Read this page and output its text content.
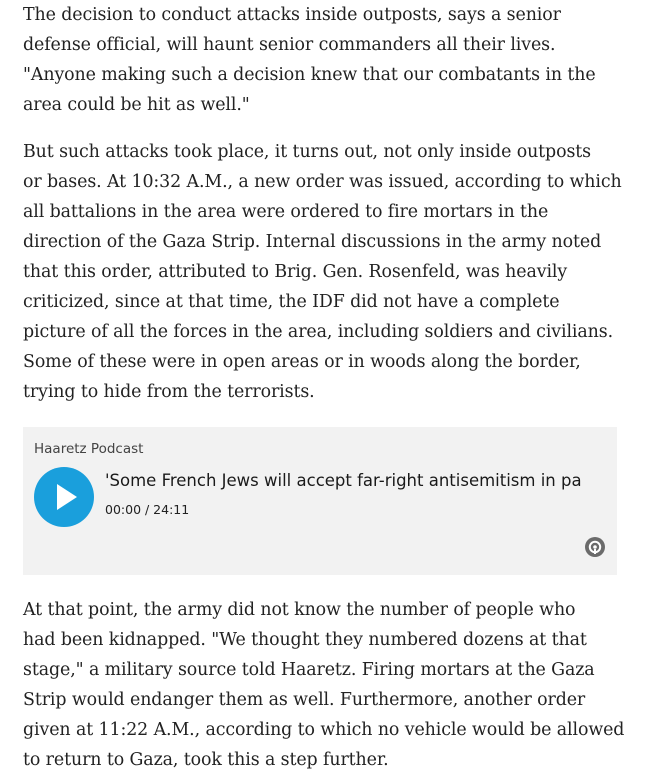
The decision to conduct attacks inside outposts, says a senior
defense official, will haunt senior commanders all their lives.
"Anyone making such a decision knew that our combatants in the
area could be hit as well."

But such attacks took place, it turns out, not only inside outposts
or bases. At 10:32 A.M., a new order was issued, according to which
all battalions in the area were ordered to fire mortars in the
direction of the Gaza Strip. Internal discussions in the army noted
that this order, attributed to Brig. Gen. Rosenfeld, was heavily
criticized, since at that time, the IDF did not have a complete
picture of all the forces in the area, including soldiers and civilians.
Some of these were in open areas or in woods along the border,
trying to hide from the terrorists.

Haaretz Podcast
'Some French Jews will accept far-right antisemitism in pa
00:00 / 24:11

At that point, the army did not know the number of people who
had been kidnapped. "We thought they numbered dozens at that
stage," a military source told Haaretz. Firing mortars at the Gaza
Strip would endanger them as well. Furthermore, another order
given at 11:22 A.M., according to which no vehicle would be allowed
to return to Gaza, took this a step further.
